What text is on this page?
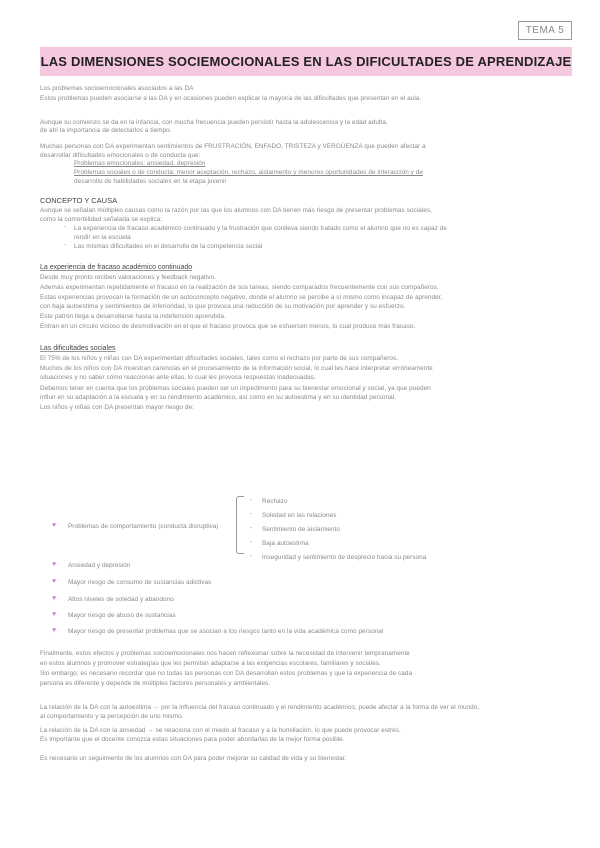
TEMA 5
LAS DIMENSIONES SOCIEMOCIONALES EN LAS DIFICULTADES DE APRENDIZAJE
Los problemas socioemocionales asociados a las DA
Estos problemas pueden asociarse a las DA y en ocasiones pueden explicar la mayoría de las dificultades que presentan en el aula.

Aunque su comienzo se da en la infancia, con mucha frecuencia pueden persistir hasta la adolescencia y la edad adulta,
de ahí la importancia de detectarlos a tiempo.
Muchas personas con DA experimentan sentimientos de FRUSTRACIÓN, ENFADO, TRISTEZA y VERGÜENZA que pueden afectar a
desarrollar dificultades emocionales o de conducta que:
Problemas emocionales: ansiedad, depresión
Problemas sociales o de conducta: menor aceptación, rechazo, aislamiento y menores oportunidades de interacción y de
desarrollo de habilidades sociales en la etapa juvenil
CONCEPTO Y CAUSA
Aunque se señalan múltiples causas como la razón por las que los alumnos con DA tienen más riesgo de presentar problemas sociales,
como la comorbilidad señalada se explica:
- La experiencia de fracaso académico continuado y la frustración que conlleva siendo tratado como el alumno que no es capaz de
rendir en la escuela
- Las mismas dificultades en el desarrollo de la competencia social
La experiencia de fracaso académico continuado
Desde muy pronto reciben valoraciones y feedback negativo.
Además experimentan repetidamente el fracaso en la realización de sus tareas, siendo comparados frecuentemente con sus compañeros.
Estas experiencias provocan la formación de un autoconcepto negativo, donde el alumno se percibe a sí mismo como incapaz de aprender,
con baja autoestima y sentimientos de inferioridad, lo que provoca una reducción de su motivación por aprender y su esfuerzo.
Este patrón llega a desarrollarse hasta la indefensión aprendida.
Entran en un círculo vicioso de desmotivación en el que el fracaso provoca que se esfuercen menos, lo cual produce más fracaso.
Las dificultades sociales
El 75% de los niños y niñas con DA experimentan dificultades sociales, tales como el rechazo por parte de sus compañeros.
Muchos de los niños con DA muestran carencias en el procesamiento de la información social, lo cual les hace interpretar erróneamente
situaciones y no saber cómo reaccionar ante ellas, lo cual les provoca respuestas inadecuadas.
Debemos tener en cuenta que los problemas sociales pueden ser un impedimento para su bienestar emocional y social, ya que pueden
influir en su adaptación a la escuela y en su rendimiento académico, así como en su autoestima y en su identidad personal.
Los niños y niñas con DA presentan mayor riesgo de:
- Rechazo
- Soledad en las relaciones
- Sentimiento de aislamiento
- Baja autoestima
- Inseguridad y sentimiento de desprecio hacia su persona
♥ Problemas de comportamiento (conducta disruptiva)
♥ Ansiedad y depresión
♥ Mayor riesgo de consumo de sustancias adictivas
♥ Altos niveles de soledad y abandono
♥ Mayor riesgo de abuso de sustancias
♥ Mayor riesgo de presentar problemas que se asocian a los riesgos tanto en la vida académica como personal
Finalmente, estos efectos y problemas socioemocionales nos hacen reflexionar sobre la necesidad de intervenir tempranamente
en estos alumnos y promover estrategias que les permitan adaptarse a las exigencias escolares, familiares y sociales.
Sin embargo, es necesario recordar que no todas las personas con DA desarrollan estos problemas y que la experiencia de cada
persona es diferente y depende de múltiples factores personales y ambientales.
La relación de la DA con la autoestima → por la influencia del fracaso continuado y el rendimiento académico, puede afectar a la forma de ver el mundo,
al comportamiento y la percepción de uno mismo.
La relación de la DA con la ansiedad → se relaciona con el miedo al fracaso y a la humillación, lo que puede provocar estrés.
Es importante que el docente conozca estas situaciones para poder abordarlas de la mejor forma posible.
Es necesario un seguimiento de los alumnos con DA para poder mejorar su calidad de vida y su bienestar.
